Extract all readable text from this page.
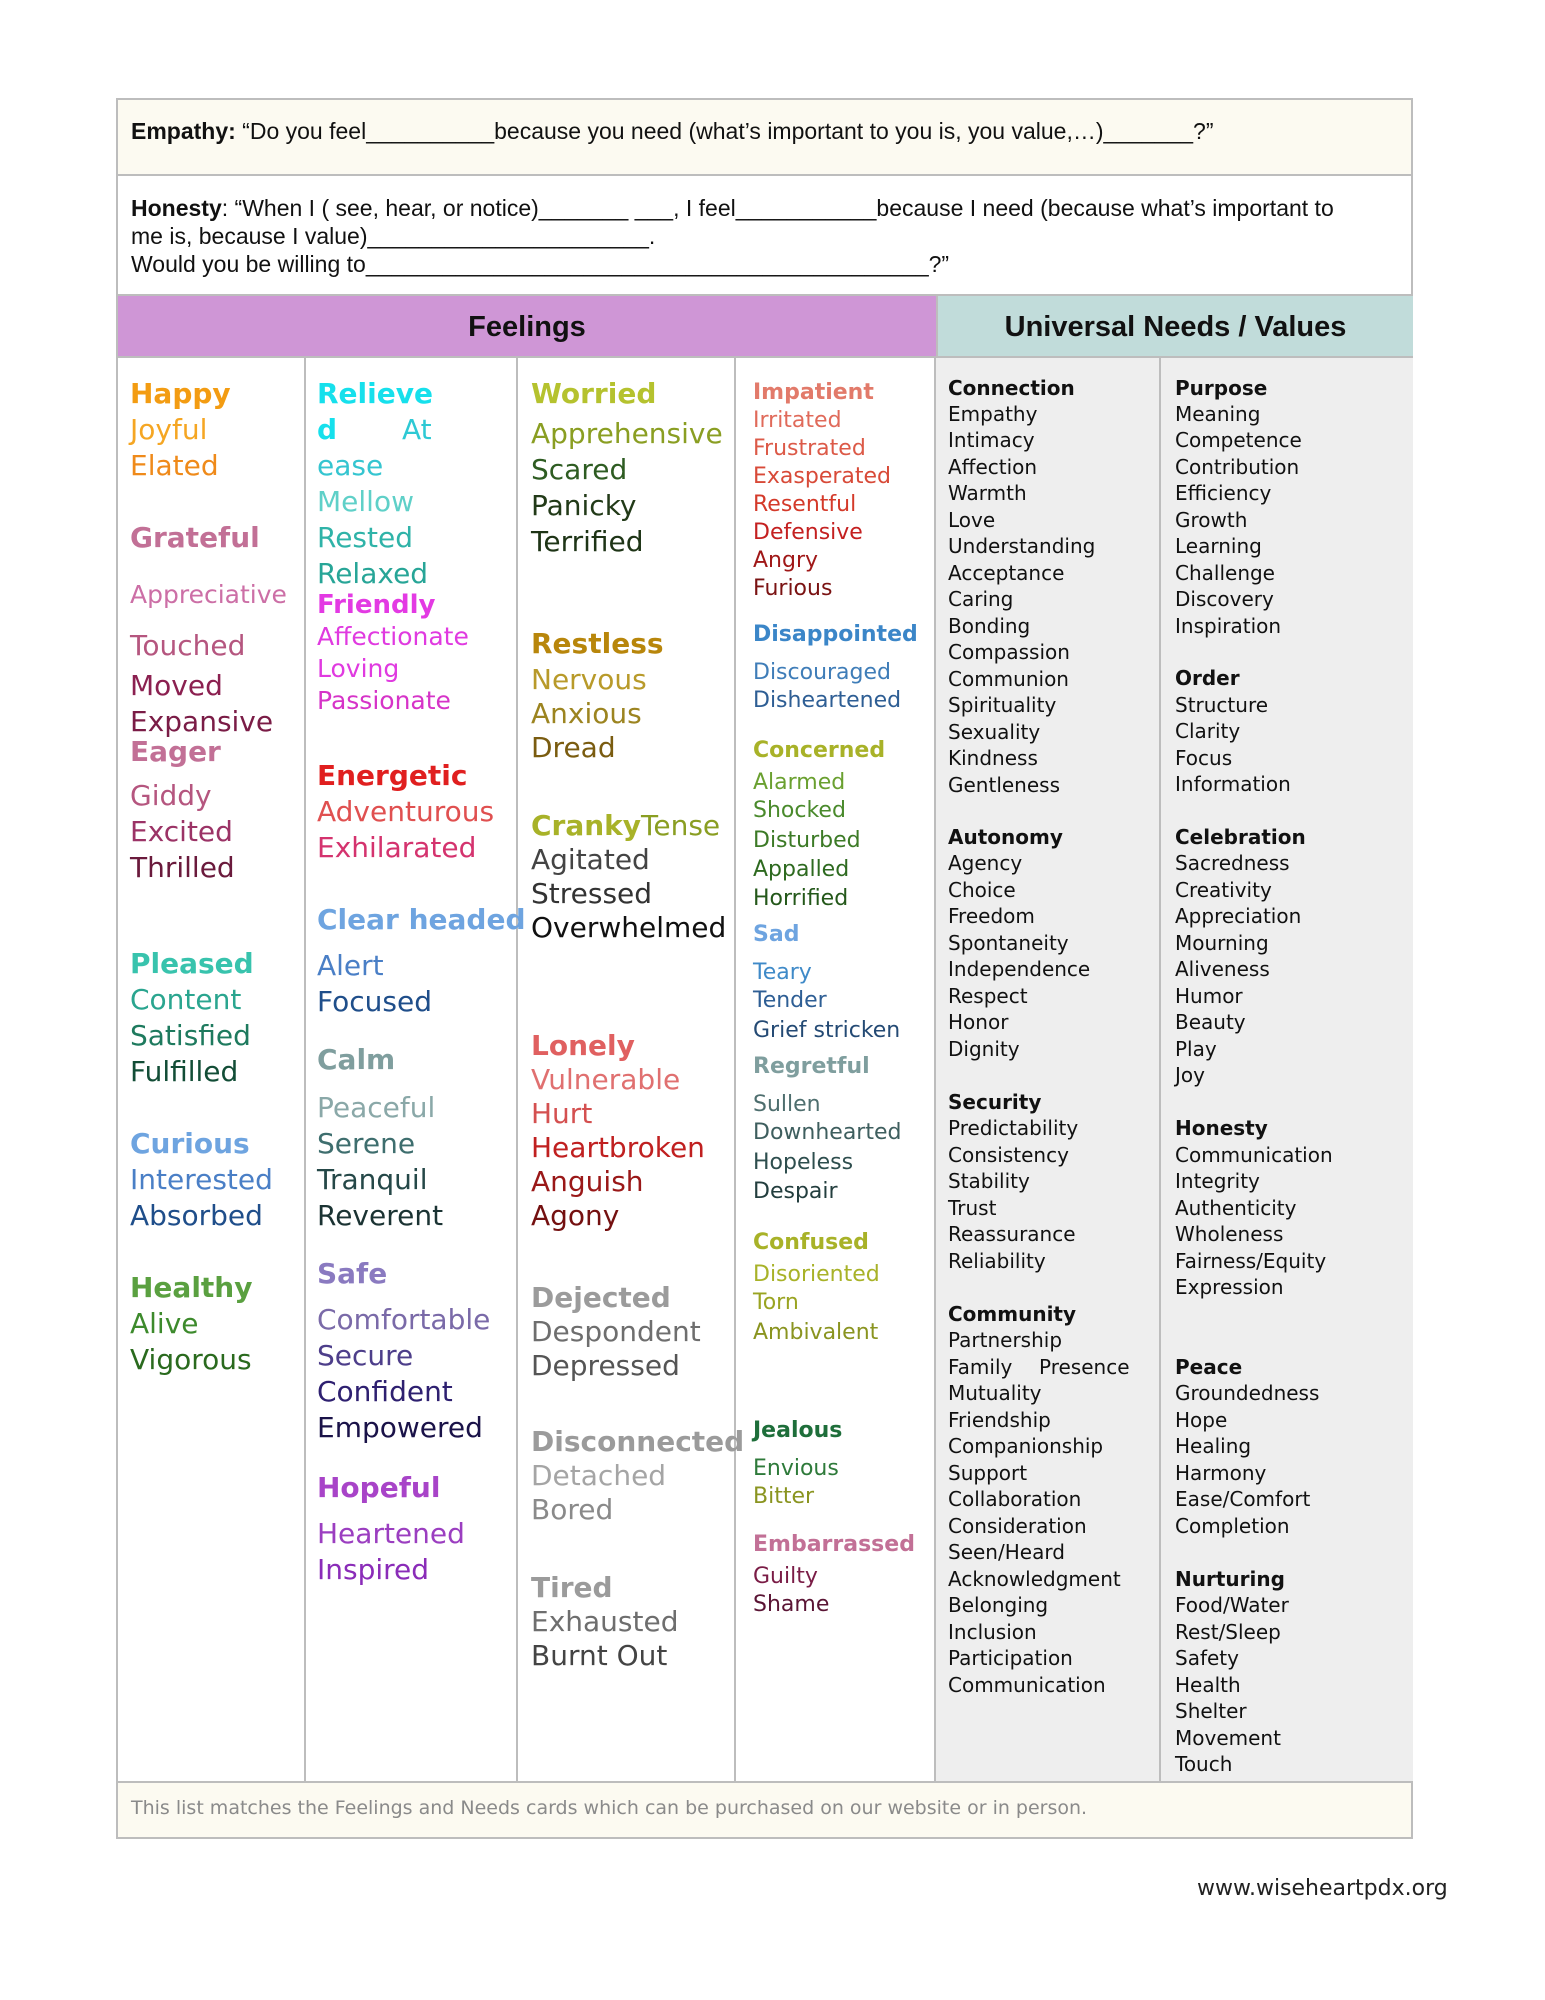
Empathy: “Do you feel__________because you need (what’s important to you is, you value,…)_______?”

Honesty: “When I ( see, hear, or notice)_______ ___, I feel___________because I need (because what’s important to

me is, because I value)______________________.

Would you be willing to____________________________________________?”

Feelings	Universal Needs / Values
This list matches the Feelings and Needs cards which can be purchased on our website or in person.
Happy
Joyful
Elated
Grateful
Appreciative
Touched
Moved
Expansive
Eager
Giddy
Excited
Thrilled
Pleased
Content
Satisfied
Fulfilled
Curious
Interested
Absorbed
Healthy
Alive
Vigorous
Relieve
d At
ease
Mellow
Rested
Relaxed
Friendly
Affectionate
Loving
Passionate
Energetic
Adventurous
Exhilarated
Clear headed
Alert
Focused
Calm
Peaceful
Serene
Tranquil
Reverent
Safe
Comfortable
Secure
Confident
Empowered
Hopeful
Heartened
Inspired
Worried
Apprehensive
Scared
Panicky
Terrified
Restless
Nervous
Anxious
Dread
Cranky Tense
Agitated
Stressed
Overwhelmed
Lonely
Vulnerable
Hurt
Heartbroken
Anguish
Agony
Dejected
Despondent
Depressed
Disconnected
Detached
Bored
Tired
Exhausted
Burnt Out
Impatient
Irritated
Frustrated
Exasperated
Resentful
Defensive
Angry
Furious
Disappointed
Discouraged
Disheartened
Concerned
Alarmed
Shocked
Disturbed
Appalled
Horrified
Sad
Teary
Tender
Grief stricken
Regretful
Sullen
Downhearted
Hopeless
Despair
Confused
Disoriented
Torn
Ambivalent
Jealous
Envious
Bitter
Embarrassed
Guilty
Shame
Connection
Empathy
Intimacy
Affection
Warmth
Love
Understanding
Acceptance
Caring
Bonding
Compassion
Communion
Spirituality
Sexuality
Kindness
Gentleness
Autonomy
Agency
Choice
Freedom
Spontaneity
Independence
Respect
Honor
Dignity
Security
Predictability
Consistency
Stability
Trust
Reassurance
Reliability
Community
Partnership
Family Presence
Mutuality
Friendship
Companionship
Support
Collaboration
Consideration
Seen/Heard
Acknowledgment
Belonging
Inclusion
Participation
Communication
Purpose
Meaning
Competence
Contribution
Efficiency
Growth
Learning
Challenge
Discovery
Inspiration
Order
Structure
Clarity
Focus
Information
Celebration
Sacredness
Creativity
Appreciation
Mourning
Aliveness
Humor
Beauty
Play
Joy
Honesty
Communication
Integrity
Authenticity
Wholeness
Fairness/Equity
Expression
Peace
Groundedness
Hope
Healing
Harmony
Ease/Comfort
Completion
Nurturing
Food/Water
Rest/Sleep
Safety
Health
Shelter
Movement
Touch
www.wiseheartpdx.org
